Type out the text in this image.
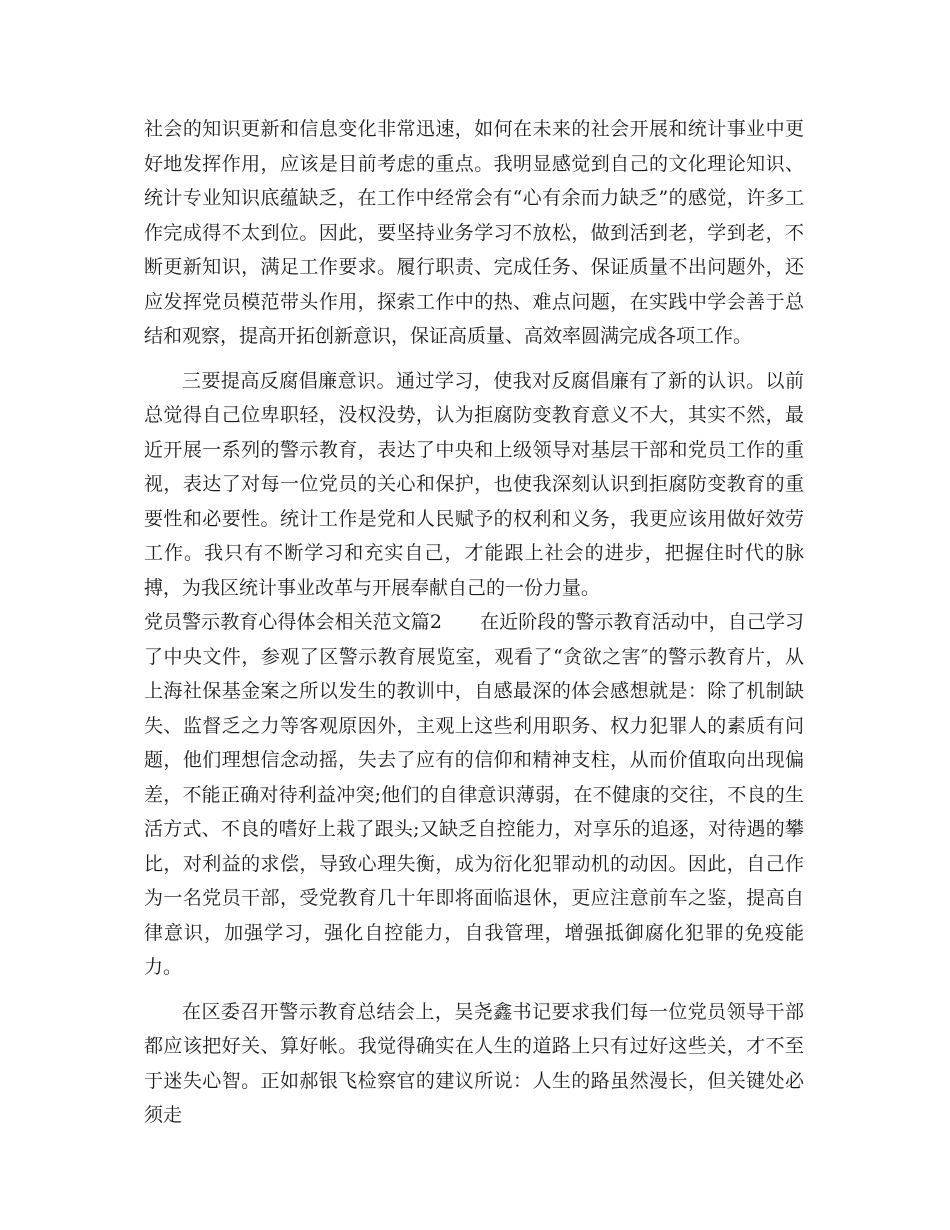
社会的知识更新和信息变化非常迅速，如何在未来的社会开展和统计事业中更好地发挥作用，应该是目前考虑的重点。我明显感觉到自己的文化理论知识、统计专业知识底蕴缺乏，在工作中经常会有“心有余而力缺乏”的感觉，许多工作完成得不太到位。因此，要坚持业务学习不放松，做到活到老，学到老，不断更新知识，满足工作要求。履行职责、完成任务、保证质量不出问题外，还应发挥党员模范带头作用，探索工作中的热、难点问题，在实践中学会善于总结和观察，提高开拓创新意识，保证高质量、高效率圆满完成各项工作。

三要提高反腐倡廉意识。通过学习，使我对反腐倡廉有了新的认识。以前总觉得自己位卑职轻，没权没势，认为拒腐防变教育意义不大，其实不然，最近开展一系列的警示教育，表达了中央和上级领导对基层干部和党员工作的重视，表达了对每一位党员的关心和保护，也使我深刻认识到拒腐防变教育的重要性和必要性。统计工作是党和人民赋予的权利和义务，我更应该用做好效劳工作。我只有不断学习和充实自己，才能跟上社会的进步，把握住时代的脉搏，为我区统计事业改革与开展奉献自己的一份力量。

党员警示教育心得体会相关范文篇2　　在近阶段的警示教育活动中，自己学习了中央文件，参观了区警示教育展览室，观看了“贪欲之害″的警示教育片，从上海社保基金案之所以发生的教训中，自感最深的体会感想就是：除了机制缺失、监督乏之力等客观原因外，主观上这些利用职务、权力犯罪人的素质有问题，他们理想信念动摇，失去了应有的信仰和精神支柱，从而价值取向出现偏差，不能正确对待利益冲突;他们的自律意识薄弱，在不健康的交往，不良的生活方式、不良的嗜好上栽了跟头;又缺乏自控能力，对享乐的追逐，对待遇的攀比，对利益的求偿，导致心理失衡，成为衍化犯罪动机的动因。因此，自己作为一名党员干部，受党教育几十年即将面临退休，更应注意前车之鉴，提高自律意识，加强学习，强化自控能力，自我管理，增强抵御腐化犯罪的免疫能力。

在区委召开警示教育总结会上，吴尧鑫书记要求我们每一位党员领导干部都应该把好关、算好帐。我觉得确实在人生的道路上只有过好这些关，才不至于迷失心智。正如郝银飞检察官的建议所说：人生的路虽然漫长，但关键处必须走
